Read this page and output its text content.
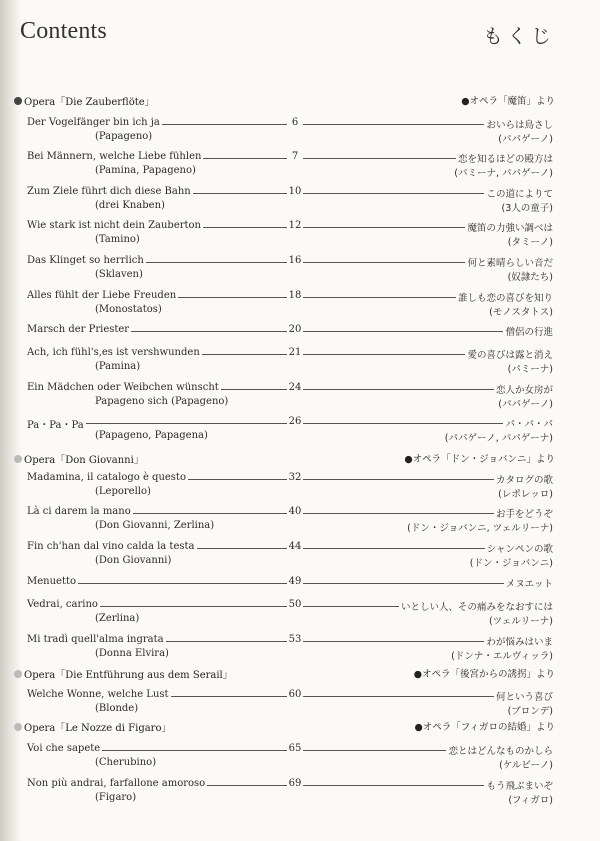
Contents	もくじ
Opera「Die Zauberflöte」	●オペラ「魔笛」より
Der Vogelfänger bin ich ja	6	おいらは鳥さし
(Papageno)	(パパゲーノ)
Bei Männern, welche Liebe fühlen	7	恋を知るほどの殿方は
(Pamina, Papageno)	(パミーナ, パパゲーノ)
Zum Ziele führt dich diese Bahn	10	この道によりて
(drei Knaben)	(3人の童子)
Wie stark ist nicht dein Zauberton	12	魔笛の力強い調べは
(Tamino)	(タミーノ)
Das Klinget so herrlich	16	何と素晴らしい音だ
(Sklaven)	(奴隷たち)
Alles fühlt der Liebe Freuden	18	誰しも恋の喜びを知り
(Monostatos)	(モノスタトス)
Marsch der Priester	20	僧侶の行進
Ach, ich fühl's,es ist vershwunden	21	愛の喜びは露と消え
(Pamina)	(パミーナ)
Ein Mädchen oder Weibchen wünscht	24	恋人か女房が
Papageno sich (Papageno)	(パパゲーノ)
Pa・Pa・Pa	26	パ・パ・パ
(Papageno, Papagena)	(パパゲーノ, パパゲーナ)
Opera「Don Giovanni」	●オペラ「ドン・ジョバンニ」より
Madamina, il catalogo è questo	32	カタログの歌
(Leporello)	(レポレッロ)
Là ci darem la mano	40	お手をどうぞ
(Don Giovanni, Zerlina)	(ドン・ジョバンニ, ツェルリーナ)
Fin ch'han dal vino calda la testa	44	シャンペンの歌
(Don Giovanni)	(ドン・ジョバンニ)
Menuetto	49	メヌエット
Vedrai, carino	50	いとしい人、その痛みをなおすには
(Zerlina)	(ツェルリーナ)
Mi tradì quell'alma ingrata	53	わが悩みはいま
(Donna Elvira)	(ドンナ・エルヴィッラ)
Opera「Die Entführung aus dem Serail」	●オペラ「後宮からの誘拐」より
Welche Wonne, welche Lust	60	何という喜び
(Blonde)	(ブロンデ)
Opera「Le Nozze di Figaro」	●オペラ「フィガロの結婚」より
Voi che sapete	65	恋とはどんなものかしら
(Cherubino)	(ケルビーノ)
Non più andrai, farfallone amoroso	69	もう飛ぶまいぞ
(Figaro)	(フィガロ)
